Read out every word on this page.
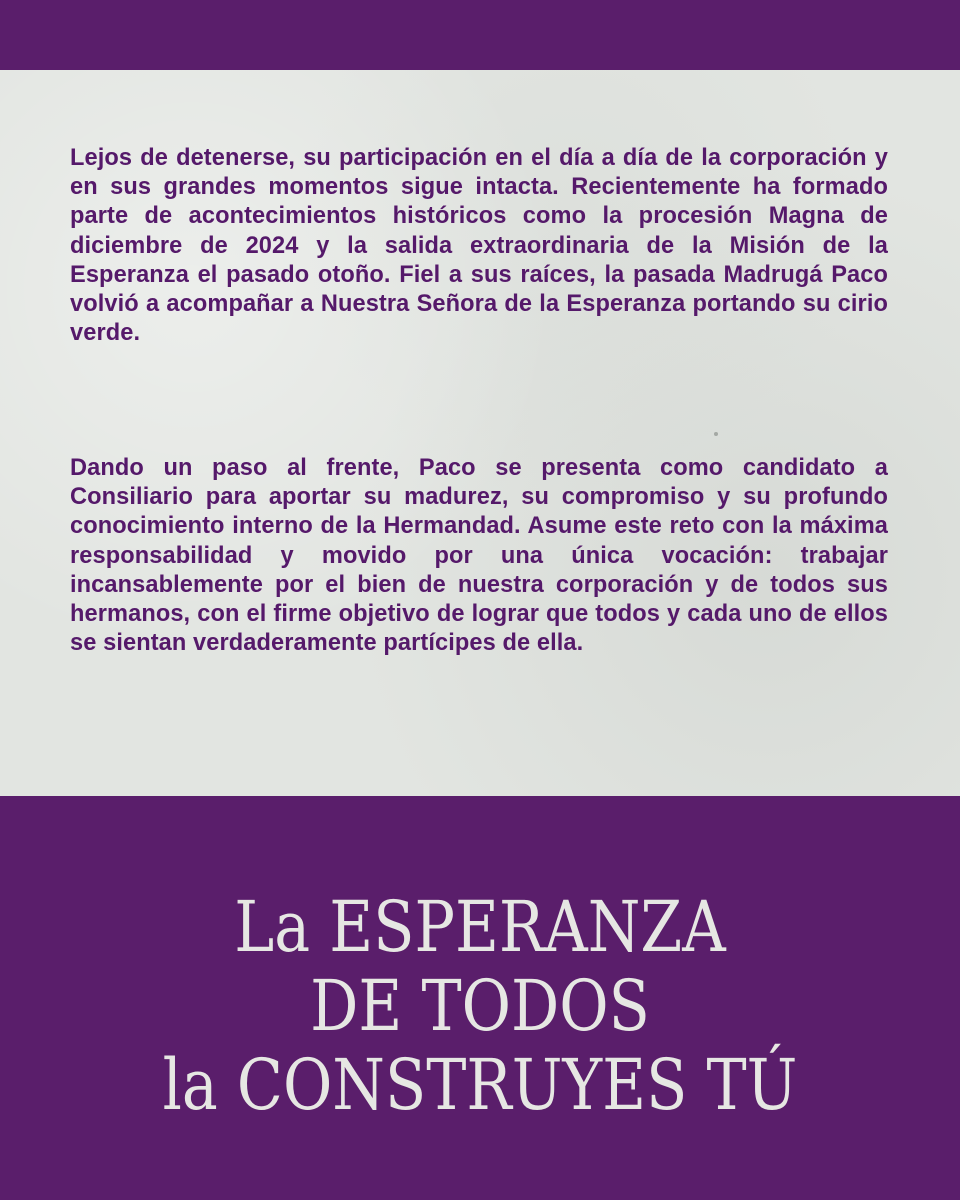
Lejos de detenerse, su participación en el día a día de la corporación y en sus grandes momentos sigue intacta. Recientemente ha formado parte de acontecimientos históricos como la procesión Magna de diciembre de 2024 y la salida extraordinaria de la Misión de la Esperanza el pasado otoño. Fiel a sus raíces, la pasada Madrugá Paco volvió a acompañar a Nuestra Señora de la Esperanza portando su cirio verde.

Dando un paso al frente, Paco se presenta como candidato a Consiliario para aportar su madurez, su compromiso y su profundo conocimiento interno de la Hermandad. Asume este reto con la máxima responsabilidad y movido por una única vocación: trabajar incansablemente por el bien de nuestra corporación y de todos sus hermanos, con el firme objetivo de lograr que todos y cada uno de ellos se sientan verdaderamente partícipes de ella.

La ESPERANZA
DE TODOS
la CONSTRUYES TÚ
